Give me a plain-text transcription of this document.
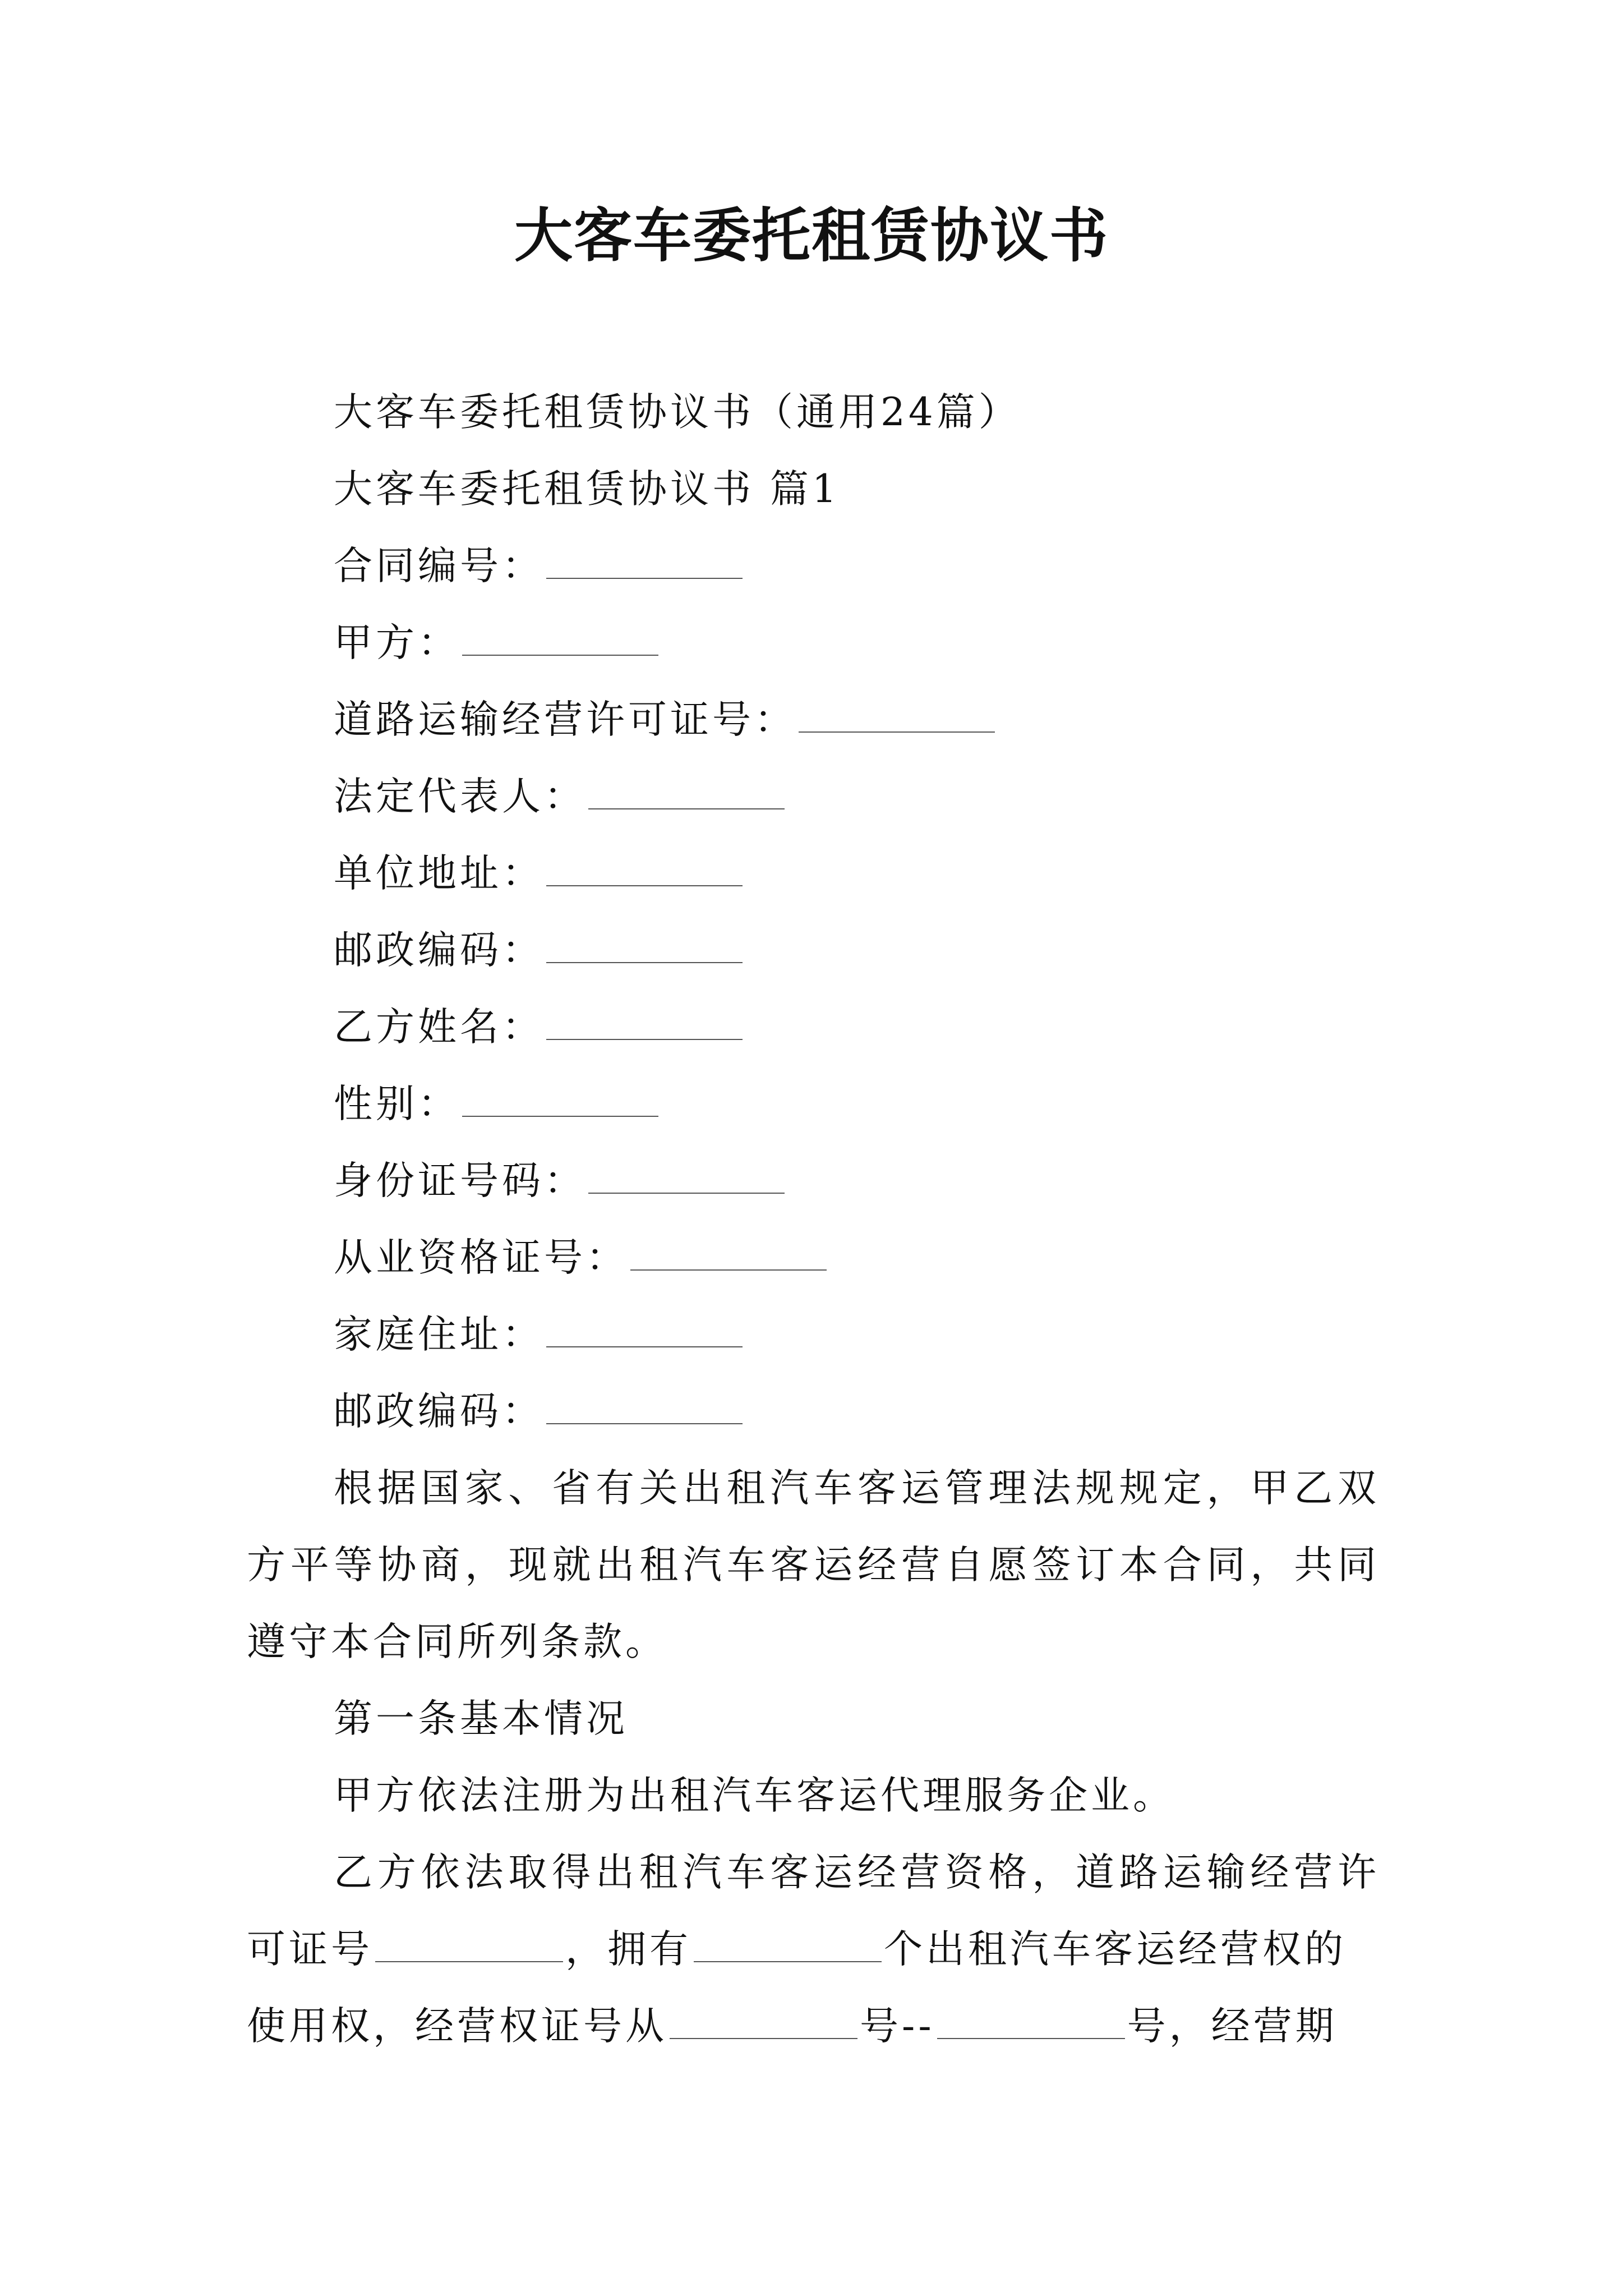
大客车委托租赁协议书
大客车委托租赁协议书（通用24篇）
大客车委托租赁协议书 篇1
合同编号：
甲方：
道路运输经营许可证号：
法定代表人：
单位地址：
邮政编码：
乙方姓名：
性别：
身份证号码：
从业资格证号：
家庭住址：
邮政编码：
根据国家、省有关出租汽车客运管理法规规定，甲乙双
方平等协商，现就出租汽车客运经营自愿签订本合同，共同
遵守本合同所列条款。
第一条基本情况
甲方依法注册为出租汽车客运代理服务企业。
乙方依法取得出租汽车客运经营资格，道路运输经营许
可证号	，拥有	个出租汽车客运经营权的
使用权，经营权证号从	号--	号，经营期
